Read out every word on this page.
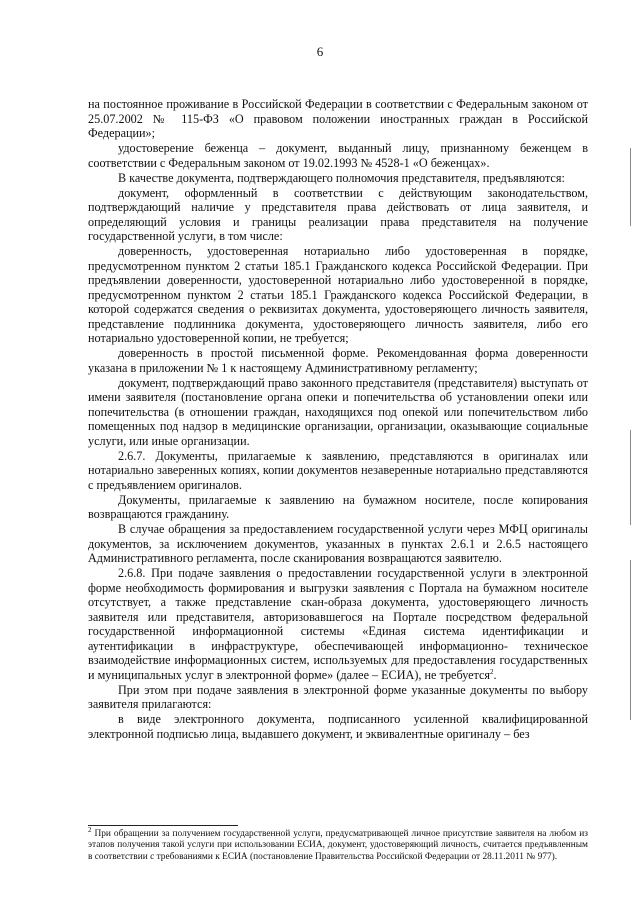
6

на постоянное проживание в Российской Федерации в соответствии с Федеральным законом от 25.07.2002 № 115-ФЗ «О правовом положении иностранных граждан в Российской Федерации»;

удостоверение беженца – документ, выданный лицу, признанному беженцем в соответствии с Федеральным законом от 19.02.1993 № 4528-1 «О беженцах».

В качестве документа, подтверждающего полномочия представителя, предъявляются:

документ, оформленный в соответствии с действующим законодательством, подтверждающий наличие у представителя права действовать от лица заявителя, и определяющий условия и границы реализации права представителя на получение государственной услуги, в том числе:

доверенность, удостоверенная нотариально либо удостоверенная в порядке, предусмотренном пунктом 2 статьи 185.1 Гражданского кодекса Российской Федерации. При предъявлении доверенности, удостоверенной нотариально либо удостоверенной в порядке, предусмотренном пунктом 2 статьи 185.1 Гражданского кодекса Российской Федерации, в которой содержатся сведения о реквизитах документа, удостоверяющего личность заявителя, представление подлинника документа, удостоверяющего личность заявителя, либо его нотариально удостоверенной копии, не требуется;

доверенность в простой письменной форме. Рекомендованная форма доверенности указана в приложении № 1 к настоящему Административному регламенту;

документ, подтверждающий право законного представителя (представителя) выступать от имени заявителя (постановление органа опеки и попечительства об установлении опеки или попечительства (в отношении граждан, находящихся под опекой или попечительством либо помещенных под надзор в медицинские организации, организации, оказывающие социальные услуги, или иные организации.

2.6.7. Документы, прилагаемые к заявлению, представляются в оригиналах или нотариально заверенных копиях, копии документов незаверенные нотариально представляются с предъявлением оригиналов.

Документы, прилагаемые к заявлению на бумажном носителе, после копирования возвращаются гражданину.

В случае обращения за предоставлением государственной услуги через МФЦ оригиналы документов, за исключением документов, указанных в пунктах 2.6.1 и 2.6.5 настоящего Административного регламента, после сканирования возвращаются заявителю.

2.6.8. При подаче заявления о предоставлении государственной услуги в электронной форме необходимость формирования и выгрузки заявления с Портала на бумажном носителе отсутствует, а также представление скан-образа документа, удостоверяющего личность заявителя или представителя, авторизовавшегося на Портале посредством федеральной государственной информационной системы «Единая система идентификации и аутентификации в инфраструктуре, обеспечивающей информационно- техническое взаимодействие информационных систем, используемых для предоставления государственных и муниципальных услуг в электронной форме» (далее – ЕСИА), не требуется$^2$.

При этом при подаче заявления в электронной форме указанные документы по выбору заявителя прилагаются:

в виде электронного документа, подписанного усиленной квалифицированной электронной подписью лица, выдавшего документ, и эквивалентные оригиналу – без

$^2$ При обращении за получением государственной услуги, предусматривающей личное присутствие заявителя на любом из этапов получения такой услуги при использовании ЕСИА, документ, удостоверяющий личность, считается предъявленным в соответствии с требованиями к ЕСИА (постановление Правительства Российской Федерации от 28.11.2011 № 977).
